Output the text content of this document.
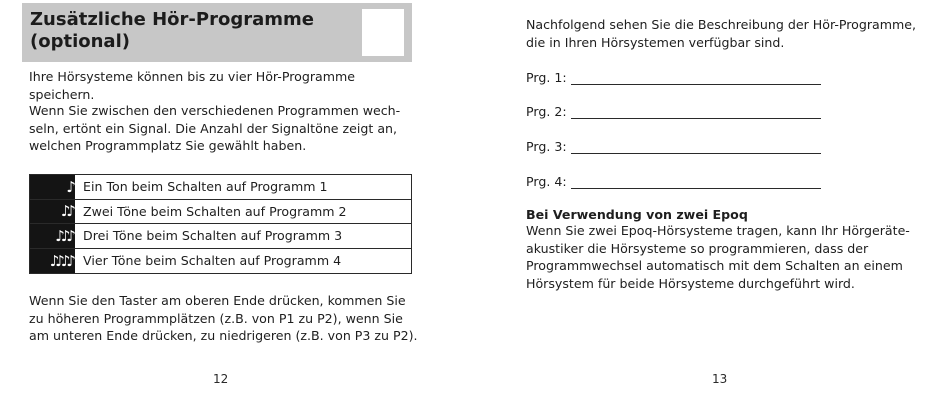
Zusätzliche Hör-Programme
(optional)
Ihre Hörsysteme können bis zu vier Hör-Programme speichern.
Wenn Sie zwischen den verschiedenen Programmen wech-
seln, ertönt ein Signal. Die Anzahl der Signaltöne zeigt an,
welchen Programmplatz Sie gewählt haben.
♪ Ein Ton beim Schalten auf Programm 1
♪♪ Zwei Töne beim Schalten auf Programm 2
♪♪♪ Drei Töne beim Schalten auf Programm 3
♪♪♪♪ Vier Töne beim Schalten auf Programm 4
Wenn Sie den Taster am oberen Ende drücken, kommen Sie
zu höheren Programmplätzen (z.B. von P1 zu P2), wenn Sie
am unteren Ende drücken, zu niedrigeren (z.B. von P3 zu P2).
12
Nachfolgend sehen Sie die Beschreibung der Hör-Programme,
die in Ihren Hörsystemen verfügbar sind.
Prg. 1:
Prg. 2:
Prg. 3:
Prg. 4:
Bei Verwendung von zwei Epoq
Wenn Sie zwei Epoq-Hörsysteme tragen, kann Ihr Hörgeräte-
akustiker die Hörsysteme so programmieren, dass der
Programmwechsel automatisch mit dem Schalten an einem
Hörsystem für beide Hörsysteme durchgeführt wird.
13
